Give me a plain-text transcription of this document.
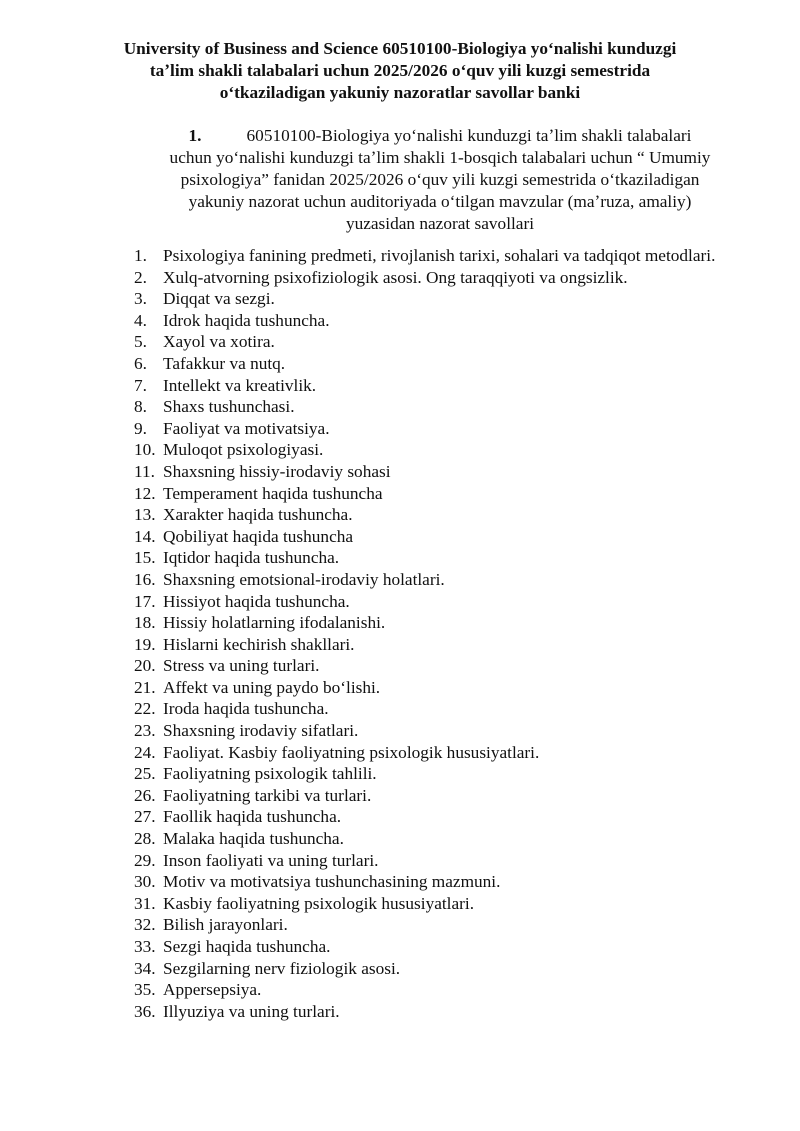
University of Business and Science 60510100-Biologiya yoʻnalishi kunduzgi
taʼlim shakli talabalari uchun 2025/2026 oʻquv yili kuzgi semestrida
oʻtkaziladigan yakuniy nazoratlar savollar banki
1.	60510100-Biologiya yoʻnalishi kunduzgi taʼlim shakli talabalari
uchun yoʻnalishi kunduzgi taʼlim shakli 1-bosqich talabalari uchun “ Umumiy
psixologiya” fanidan 2025/2026 oʻquv yili kuzgi semestrida oʻtkaziladigan
yakuniy nazorat uchun auditoriyada oʻtilgan mavzular (maʼruza, amaliy)
yuzasidan nazorat savollari
1. Psixologiya fanining predmeti, rivojlanish tarixi, sohalari va tadqiqot metodlari.
2. Xulq-atvorning psixofiziologik asosi. Ong taraqqiyoti va ongsizlik.
3. Diqqat va sezgi.
4. Idrok haqida tushuncha.
5. Xayol va xotira.
6. Tafakkur va nutq.
7. Intellekt va kreativlik.
8. Shaxs tushunchasi.
9. Faoliyat va motivatsiya.
10. Muloqot psixologiyasi.
11. Shaxsning hissiy-irodaviy sohasi
12. Temperament haqida tushuncha
13. Xarakter haqida tushuncha.
14. Qobiliyat haqida tushuncha
15. Iqtidor haqida tushuncha.
16. Shaxsning emotsional-irodaviy holatlari.
17. Hissiyot haqida tushuncha.
18. Hissiy holatlarning ifodalanishi.
19. Hislarni kechirish shakllari.
20. Stress va uning turlari.
21. Affekt va uning paydo boʻlishi.
22. Iroda haqida tushuncha.
23. Shaxsning irodaviy sifatlari.
24. Faoliyat. Kasbiy faoliyatning psixologik hususiyatlari.
25. Faoliyatning psixologik tahlili.
26. Faoliyatning tarkibi va turlari.
27. Faollik haqida tushuncha.
28. Malaka haqida tushuncha.
29. Inson faoliyati va uning turlari.
30. Motiv va motivatsiya tushunchasining mazmuni.
31. Kasbiy faoliyatning psixologik hususiyatlari.
32. Bilish jarayonlari.
33. Sezgi haqida tushuncha.
34. Sezgilarning nerv fiziologik asosi.
35. Appersepsiya.
36. Illyuziya va uning turlari.
